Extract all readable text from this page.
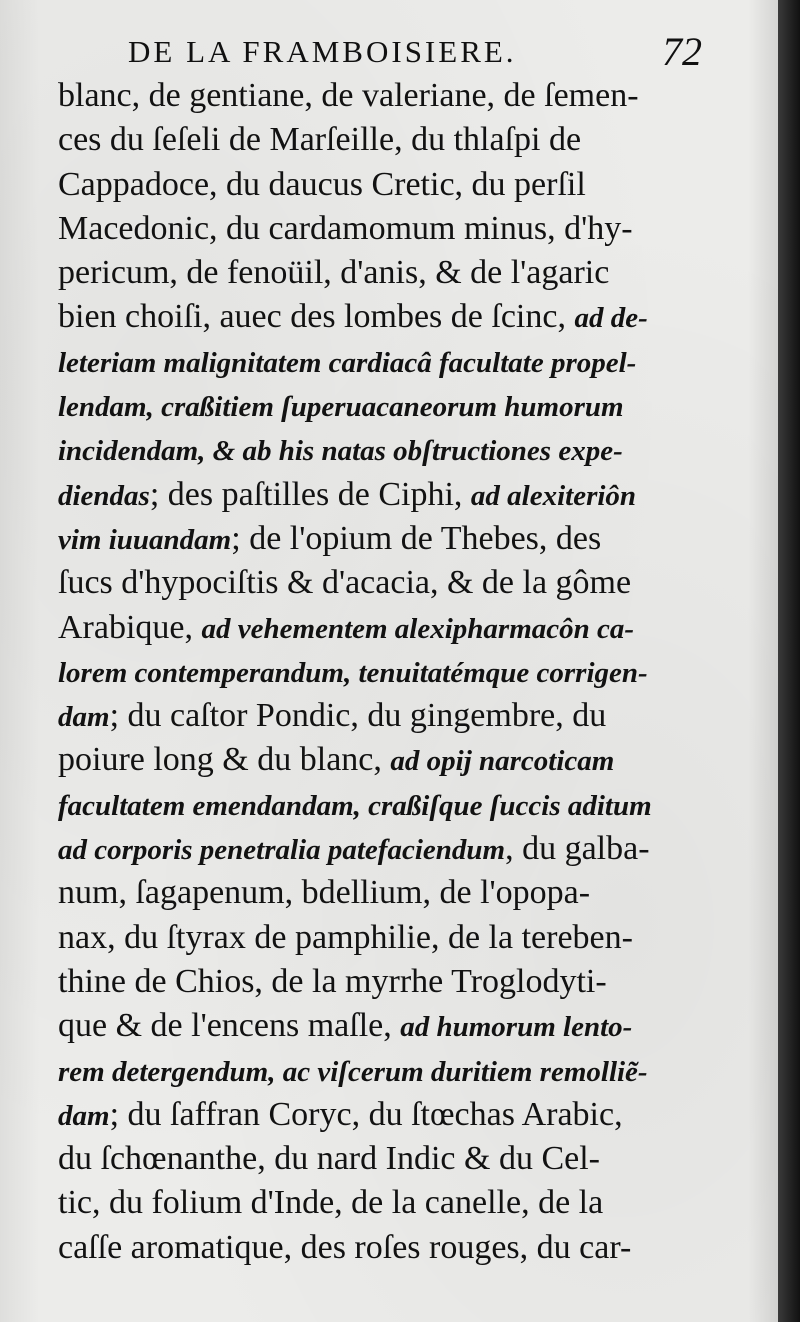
DE LA FRAMBOISIERE.	72
blanc, de gentiane, de valeriane, de ſemen-
ces du ſeſeli de Marſeille, du thlaſpi de
Cappadoce, du daucus Cretic, du perſil
Macedonic, du cardamomum minus, d'hy-
pericum, de fenoüil, d'anis, & de l'agaric
bien choiſi, auec des lombes de ſcinc, ad de-
leteriam malignitatem cardiacâ facultate propel-
lendam, craßitiem ſuperuacaneorum humorum
incidendam, & ab his natas obſtructiones expe-
diendas; des paſtilles de Ciphi, ad alexiteriôn
vim iuuandam; de l'opium de Thebes, des
ſucs d'hypociſtis & d'acacia, & de la gôme
Arabique, ad vehementem alexipharmacôn ca-
lorem contemperandum, tenuitatémque corrigen-
dam; du caſtor Pondic, du gingembre, du
poiure long & du blanc, ad opij narcoticam
facultatem emendandam, craßiſque ſuccis aditum
ad corporis penetralia patefaciendum, du galba-
num, ſagapenum, bdellium, de l'opopa-
nax, du ſtyrax de pamphilie, de la tereben-
thine de Chios, de la myrrhe Troglodyti-
que & de l'encens maſle, ad humorum lento-
rem detergendum, ac viſcerum duritiem remolliẽ-
dam; du ſaffran Coryc, du ſtœchas Arabic,
du ſchœnanthe, du nard Indic & du Cel-
tic, du folium d'Inde, de la canelle, de la
caſſe aromatique, des roſes rouges, du car-
